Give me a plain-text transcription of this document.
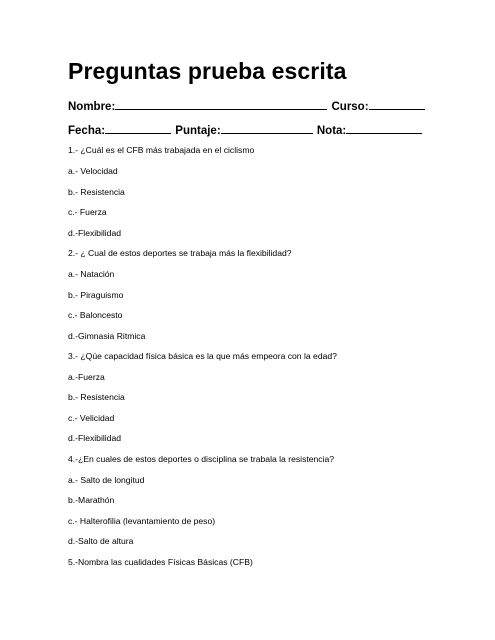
Preguntas prueba escrita
Nombre:	Curso:
Fecha:	Puntaje:	Nota:

1.- ¿Cuál es el CFB más trabajada en el ciclismo

a.- Velocidad

b.- Resistencia

c.- Fuerza

d.-Flexibilidad

2.- ¿ Cual de estos deportes se trabaja más la flexibilidad?

a.- Natación

b.- Piraguismo

c.- Baloncesto

d.-Gimnasia Ritmica

3.- ¿Qúe capacidad física básica es la que más empeora con la edad?

a.-Fuerza

b.- Resistencia

c.- Velicidad

d.-Flexibilidad

4.-¿En cuales de estos deportes o disciplina se trabala la resistencia?

a.- Salto de longitud

b.-Marathón

c.- Halterofilia (levantamiento de peso)

d.-Salto de altura

5.-Nombra las cualidades Físicas Básicas (CFB)
